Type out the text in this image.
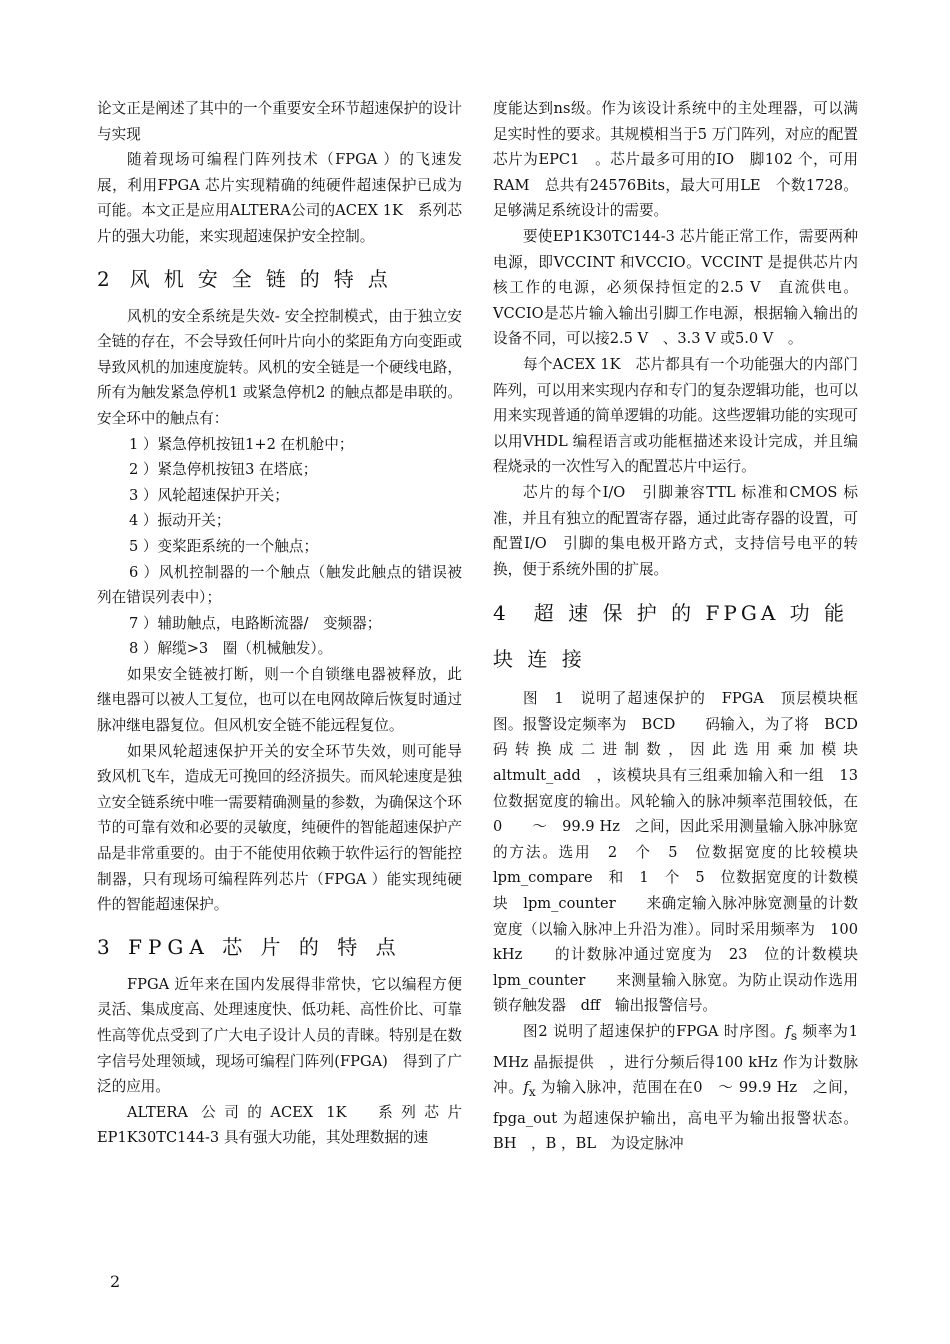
论文正是阐述了其中的一个重要安全环节超速保护的设计与实现

随着现场可编程门阵列技术（FPGA ）的飞速发展，利用FPGA 芯片实现精确的纯硬件超速保护已成为可能。本文正是应用ALTERA公司的ACEX 1K　系列芯片的强大功能，来实现超速保护安全控制。

2风机安全链的特点

风机的安全系统是失效- 安全控制模式，由于独立安全链的存在，不会导致任何叶片向小的桨距角方向变距或导致风机的加速度旋转。风机的安全链是一个硬线电路，所有为触发紧急停机1 或紧急停机2 的触点都是串联的。安全环中的触点有：

1 ）紧急停机按钮1+2 在机舱中；

2 ）紧急停机按钮3 在塔底；

3 ）风轮超速保护开关；

4 ）振动开关；

5 ）变桨距系统的一个触点；

6 ）风机控制器的一个触点（触发此触点的错误被列在错误列表中）；

7 ）辅助触点，电路断流器/　变频器；

8 ）解缆>3　圈（机械触发）。

如果安全链被打断，则一个自锁继电器被释放，此继电器可以被人工复位，也可以在电网故障后恢复时通过脉冲继电器复位。但风机安全链不能远程复位。

如果风轮超速保护开关的安全环节失效，则可能导致风机飞车，造成无可挽回的经济损失。而风轮速度是独立安全链系统中唯一需要精确测量的参数，为确保这个环节的可靠有效和必要的灵敏度，纯硬件的智能超速保护产品是非常重要的。由于不能使用依赖于软件运行的智能控制器，只有现场可编程阵列芯片（FPGA ）能实现纯硬件的智能超速保护。

3 FPGA 芯 片 的 特 点

FPGA 近年来在国内发展得非常快，它以编程方便灵活、集成度高、处理速度快、低功耗、高性价比、可靠性高等优点受到了广大电子设计人员的青睐。特别是在数字信号处理领域，现场可编程门阵列(FPGA)　得到了广泛的应用。

ALTERA 公司的ACEX 1K　系列芯片EP1K30TC144-3 具有强大功能，其处理数据的速

度能达到ns级。作为该设计系统中的主处理器，可以满足实时性的要求。其规模相当于5 万门阵列，对应的配置芯片为EPC1　。芯片最多可用的IO　脚102 个，可用RAM　总共有24576Bits，最大可用LE　个数1728。足够满足系统设计的需要。

要使EP1K30TC144-3 芯片能正常工作，需要两种电源，即VCCINT 和VCCIO。VCCINT 是提供芯片内核工作的电源，必须保持恒定的2.5 V　直流供电。VCCIO是芯片输入输出引脚工作电源，根据输入输出的设备不同，可以接2.5 V　、3.3 V 或5.0 V　。

每个ACEX 1K　芯片都具有一个功能强大的内部门阵列，可以用来实现内存和专门的复杂逻辑功能，也可以用来实现普通的简单逻辑的功能。这些逻辑功能的实现可以用VHDL 编程语言或功能框描述来设计完成，并且编程烧录的一次性写入的配置芯片中运行。

芯片的每个I/O　引脚兼容TTL 标准和CMOS 标准，并且有独立的配置寄存器，通过此寄存器的设置，可配置I/O　引脚的集电极开路方式，支持信号电平的转换，便于系统外围的扩展。

4　超 速 保 护 的 FPGA 功 能
块 连 接

图　1　说明了超速保护的　FPGA　顶层模块框图。报警设定频率为　BCD　　码输入，为了将　BCD　　码转换成二进制数，因此选用乘加模块　altmult_add　，该模块具有三组乘加输入和一组　13　位数据宽度的输出。风轮输入的脉冲频率范围较低，在　0　　～　99.9 Hz　之间，因此采用测量输入脉冲脉宽的方法。选用　2　个　5　位数据宽度的比较模块　lpm_compare　和　1　个　5　位数据宽度的计数模块　lpm_counter　　来确定输入脉冲脉宽测量的计数宽度（以输入脉冲上升沿为准）。同时采用频率为　100 kHz　　的计数脉冲通过宽度为　23　位的计数模块　lpm_counter　　来测量输入脉宽。为防止误动作选用锁存触发器　dff　输出报警信号。

图2 说明了超速保护的FPGA 时序图。$f_s$ 频率为1 MHz 晶振提供　，进行分频后得100 kHz 作为计数脉冲。$f_x$ 为输入脉冲，范围在在0　～ 99.9 Hz　之间，fpga_out 为超速保护输出，高电平为输出报警状态。BH　，B ，BL　为设定脉冲

2
